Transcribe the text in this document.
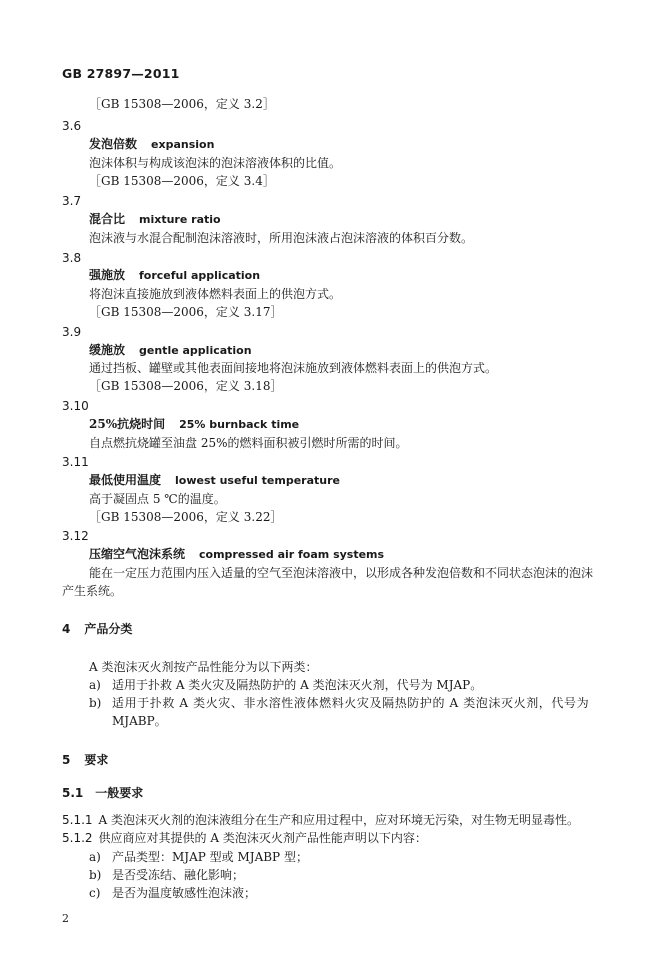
GB 27897—2011
［GB 15308—2006，定义 3.2］
3.6
发泡倍数 expansion
泡沫体积与构成该泡沫的泡沫溶液体积的比值。
［GB 15308—2006，定义 3.4］
3.7
混合比 mixture ratio
泡沫液与水混合配制泡沫溶液时，所用泡沫液占泡沫溶液的体积百分数。
3.8
强施放 forceful application
将泡沫直接施放到液体燃料表面上的供泡方式。
［GB 15308—2006，定义 3.17］
3.9
缓施放 gentle application
通过挡板、罐壁或其他表面间接地将泡沫施放到液体燃料表面上的供泡方式。
［GB 15308—2006，定义 3.18］
3.10
25%抗烧时间 25% burnback time
自点燃抗烧罐至油盘 25%的燃料面积被引燃时所需的时间。
3.11
最低使用温度 lowest useful temperature
高于凝固点 5 ℃的温度。
［GB 15308—2006，定义 3.22］
3.12
压缩空气泡沫系统 compressed air foam systems
能在一定压力范围内压入适量的空气至泡沫溶液中，以形成各种发泡倍数和不同状态泡沫的泡沫
产生系统。
4 产品分类
A 类泡沫灭火剂按产品性能分为以下两类：
a) 适用于扑救 A 类火灾及隔热防护的 A 类泡沫灭火剂，代号为 MJAP。
b) 适用于扑救 A 类火灾、非水溶性液体燃料火灾及隔热防护的 A 类泡沫灭火剂，代号为
MJABP。
5 要求
5.1 一般要求
5.1.1 A 类泡沫灭火剂的泡沫液组分在生产和应用过程中，应对环境无污染，对生物无明显毒性。
5.1.2 供应商应对其提供的 A 类泡沫灭火剂产品性能声明以下内容：
a) 产品类型：MJAP 型或 MJABP 型；
b) 是否受冻结、融化影响；
c) 是否为温度敏感性泡沫液；
2
